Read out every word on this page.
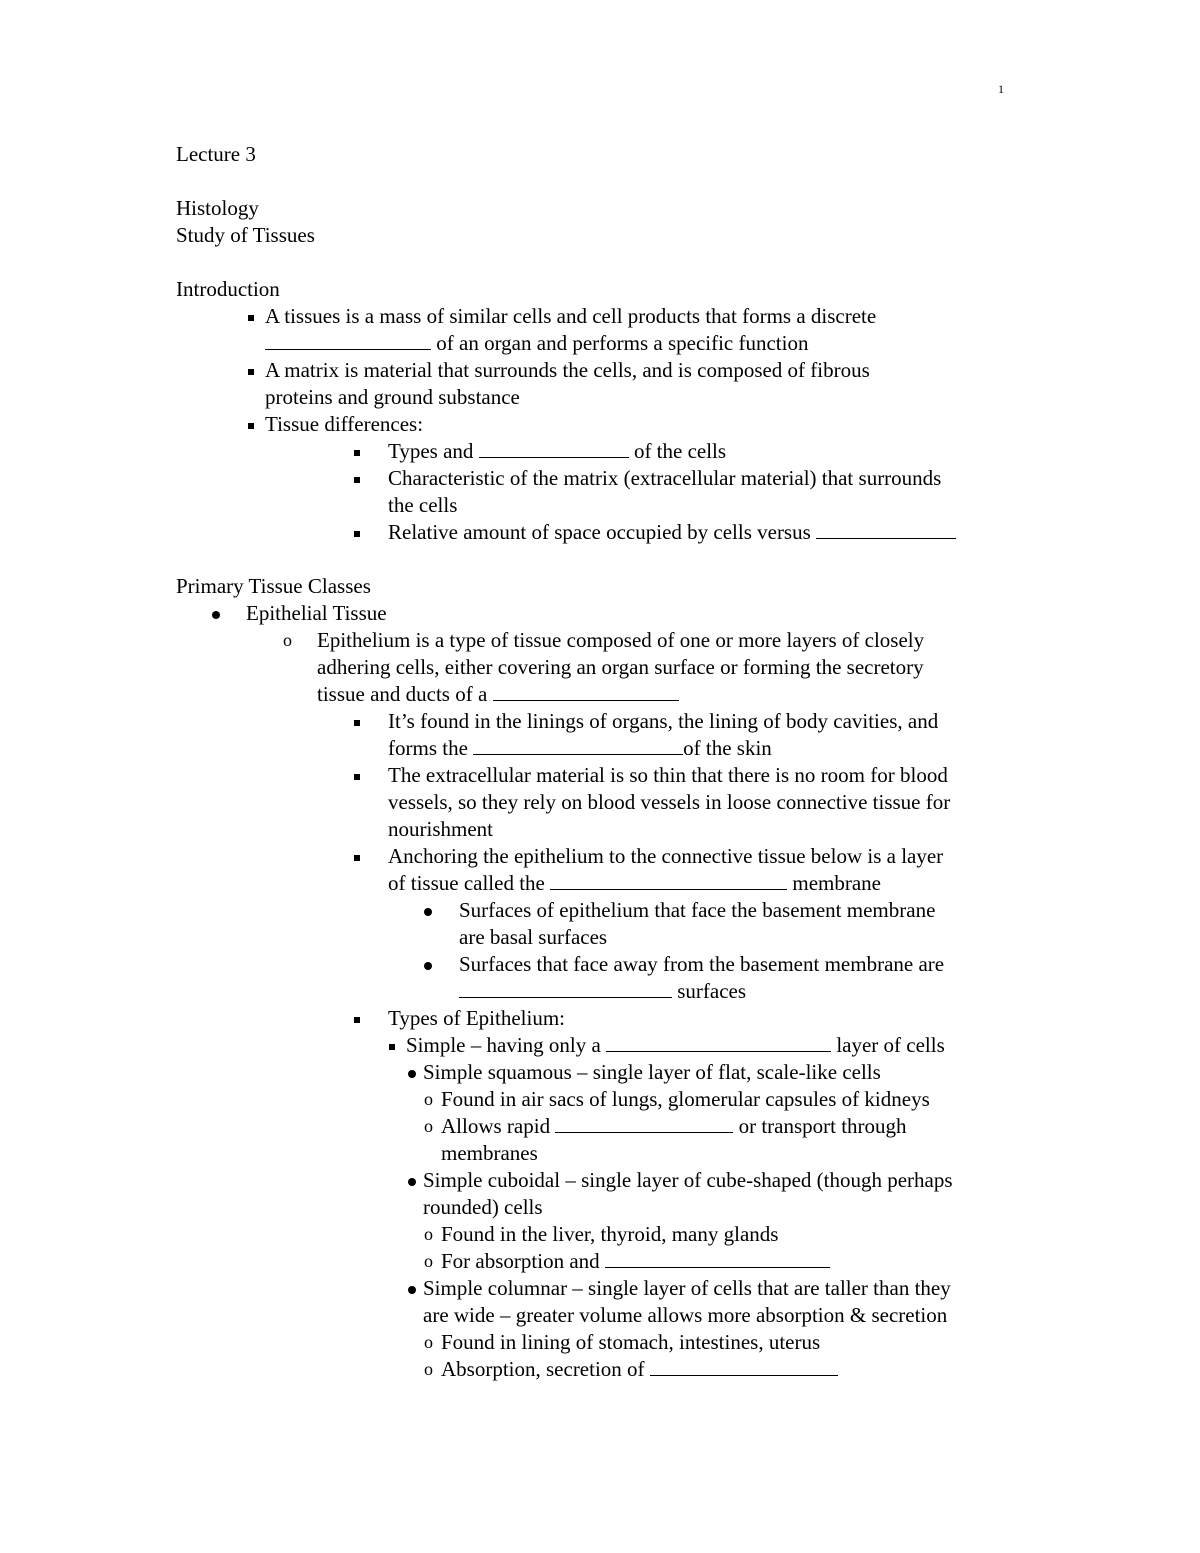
1

Lecture 3

Histology

Study of Tissues

Introduction

A tissues is a mass of similar cells and cell products that forms a discrete
of an organ and performs a specific function
A matrix is material that surrounds the cells, and is composed of fibrous
proteins and ground substance
Tissue differences:
Types and	of the cells
Characteristic of the matrix (extracellular material) that surrounds
the cells
Relative amount of space occupied by cells versus

Primary Tissue Classes

Epithelial Tissue
o Epithelium is a type of tissue composed of one or more layers of closely
adhering cells, either covering an organ surface or forming the secretory
tissue and ducts of a
It’s found in the linings of organs, the lining of body cavities, and
forms the	of the skin
The extracellular material is so thin that there is no room for blood
vessels, so they rely on blood vessels in loose connective tissue for
nourishment
Anchoring the epithelium to the connective tissue below is a layer
of tissue called the	membrane
Surfaces of epithelium that face the basement membrane
are basal surfaces
Surfaces that face away from the basement membrane are
surfaces
Types of Epithelium:
Simple – having only a	layer of cells
Simple squamous – single layer of flat, scale-like cells
o Found in air sacs of lungs, glomerular capsules of kidneys
o Allows rapid	or transport through
membranes
Simple cuboidal – single layer of cube-shaped (though perhaps
rounded) cells
o Found in the liver, thyroid, many glands
o For absorption and
Simple columnar – single layer of cells that are taller than they
are wide – greater volume allows more absorption & secretion
o Found in lining of stomach, intestines, uterus
o Absorption, secretion of
